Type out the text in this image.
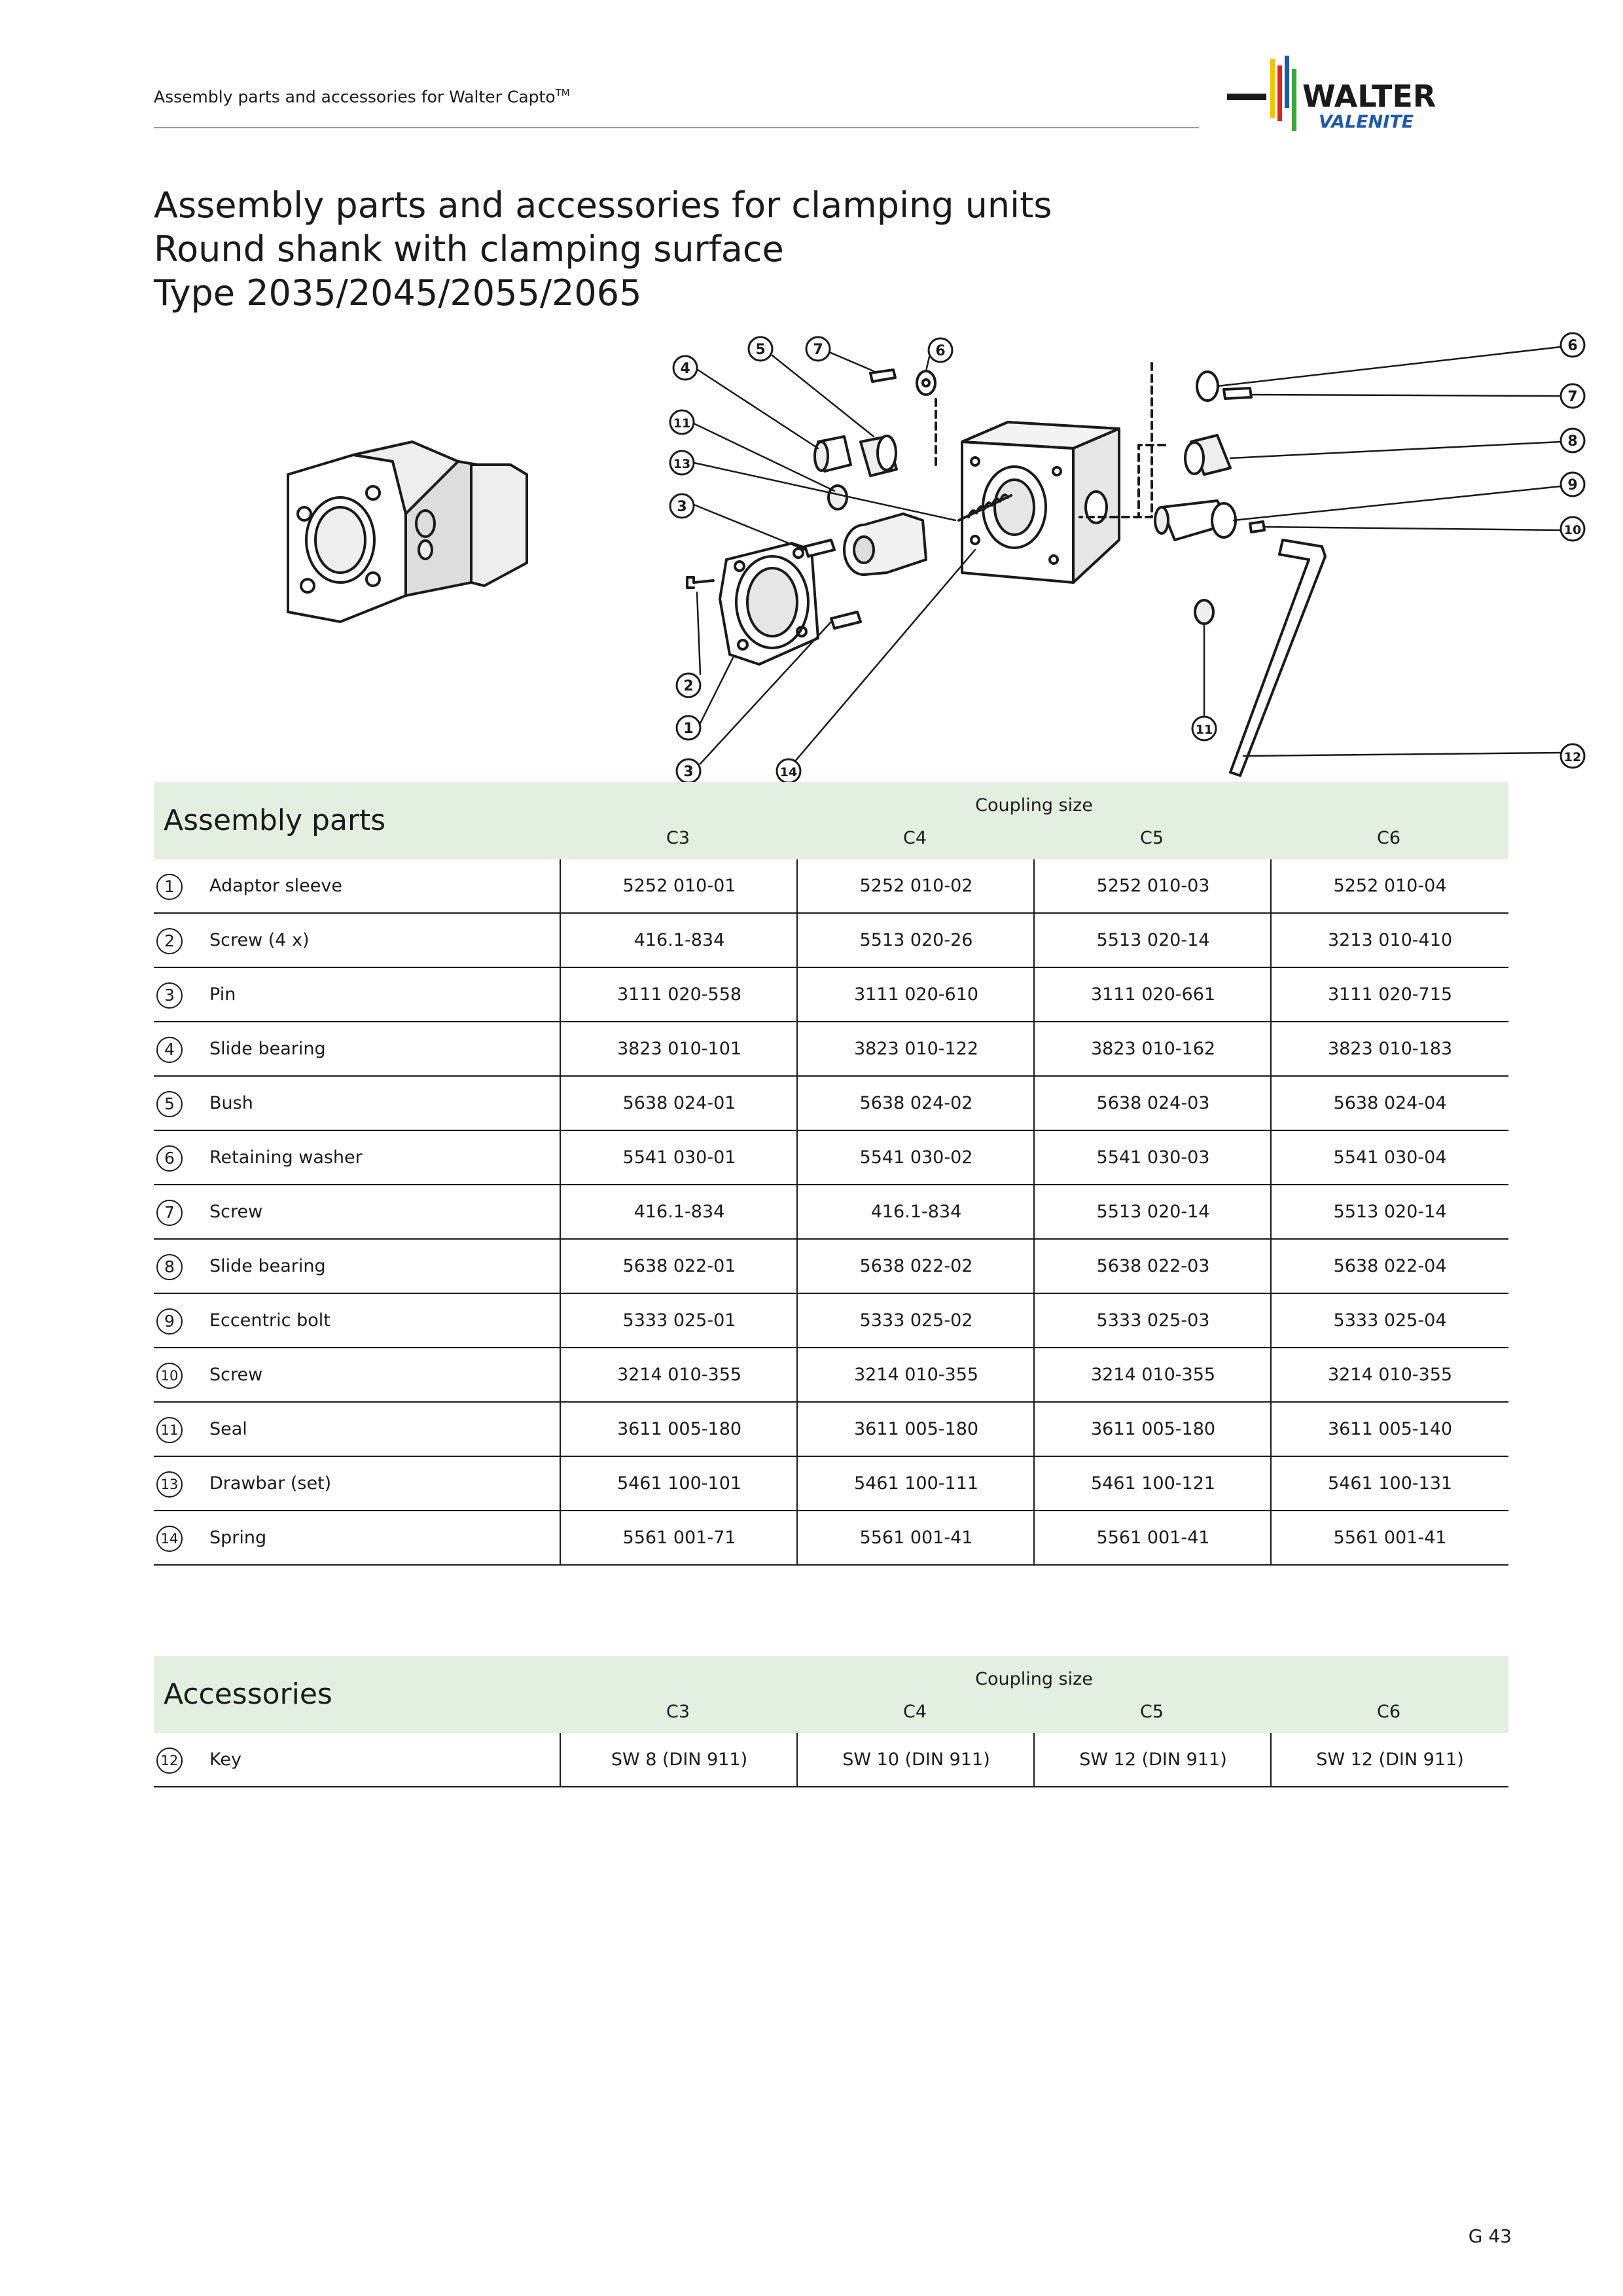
Assembly parts and accessories for Walter Capto™	WALTER
VALENITE
Assembly parts and accessories for clamping units
Round shank with clamping surface
Type 2035/2045/2055/2065
5	7	6
4
11
13
3
2
1
3	14
6
7
8
9
10
11
12
Assembly parts	Coupling size
C3	C4	C5	C6
1	Adaptor sleeve	5252 010-01	5252 010-02	5252 010-03	5252 010-04
2	Screw (4 x)	416.1-834	5513 020-26	5513 020-14	3213 010-410
3	Pin	3111 020-558	3111 020-610	3111 020-661	3111 020-715
4	Slide bearing	3823 010-101	3823 010-122	3823 010-162	3823 010-183
5	Bush	5638 024-01	5638 024-02	5638 024-03	5638 024-04
6	Retaining washer	5541 030-01	5541 030-02	5541 030-03	5541 030-04
7	Screw	416.1-834	416.1-834	5513 020-14	5513 020-14
8	Slide bearing	5638 022-01	5638 022-02	5638 022-03	5638 022-04
9	Eccentric bolt	5333 025-01	5333 025-02	5333 025-03	5333 025-04
10 Screw	3214 010-355	3214 010-355	3214 010-355	3214 010-355
11 Seal	3611 005-180	3611 005-180	3611 005-180	3611 005-140
13 Drawbar (set)	5461 100-101	5461 100-111	5461 100-121	5461 100-131
14 Spring	5561 001-71	5561 001-41	5561 001-41	5561 001-41
Accessories	Coupling size
C3	C4	C5	C6
12 Key	SW 8 (DIN 911)	SW 10 (DIN 911)	SW 12 (DIN 911)	SW 12 (DIN 911)
G 43
